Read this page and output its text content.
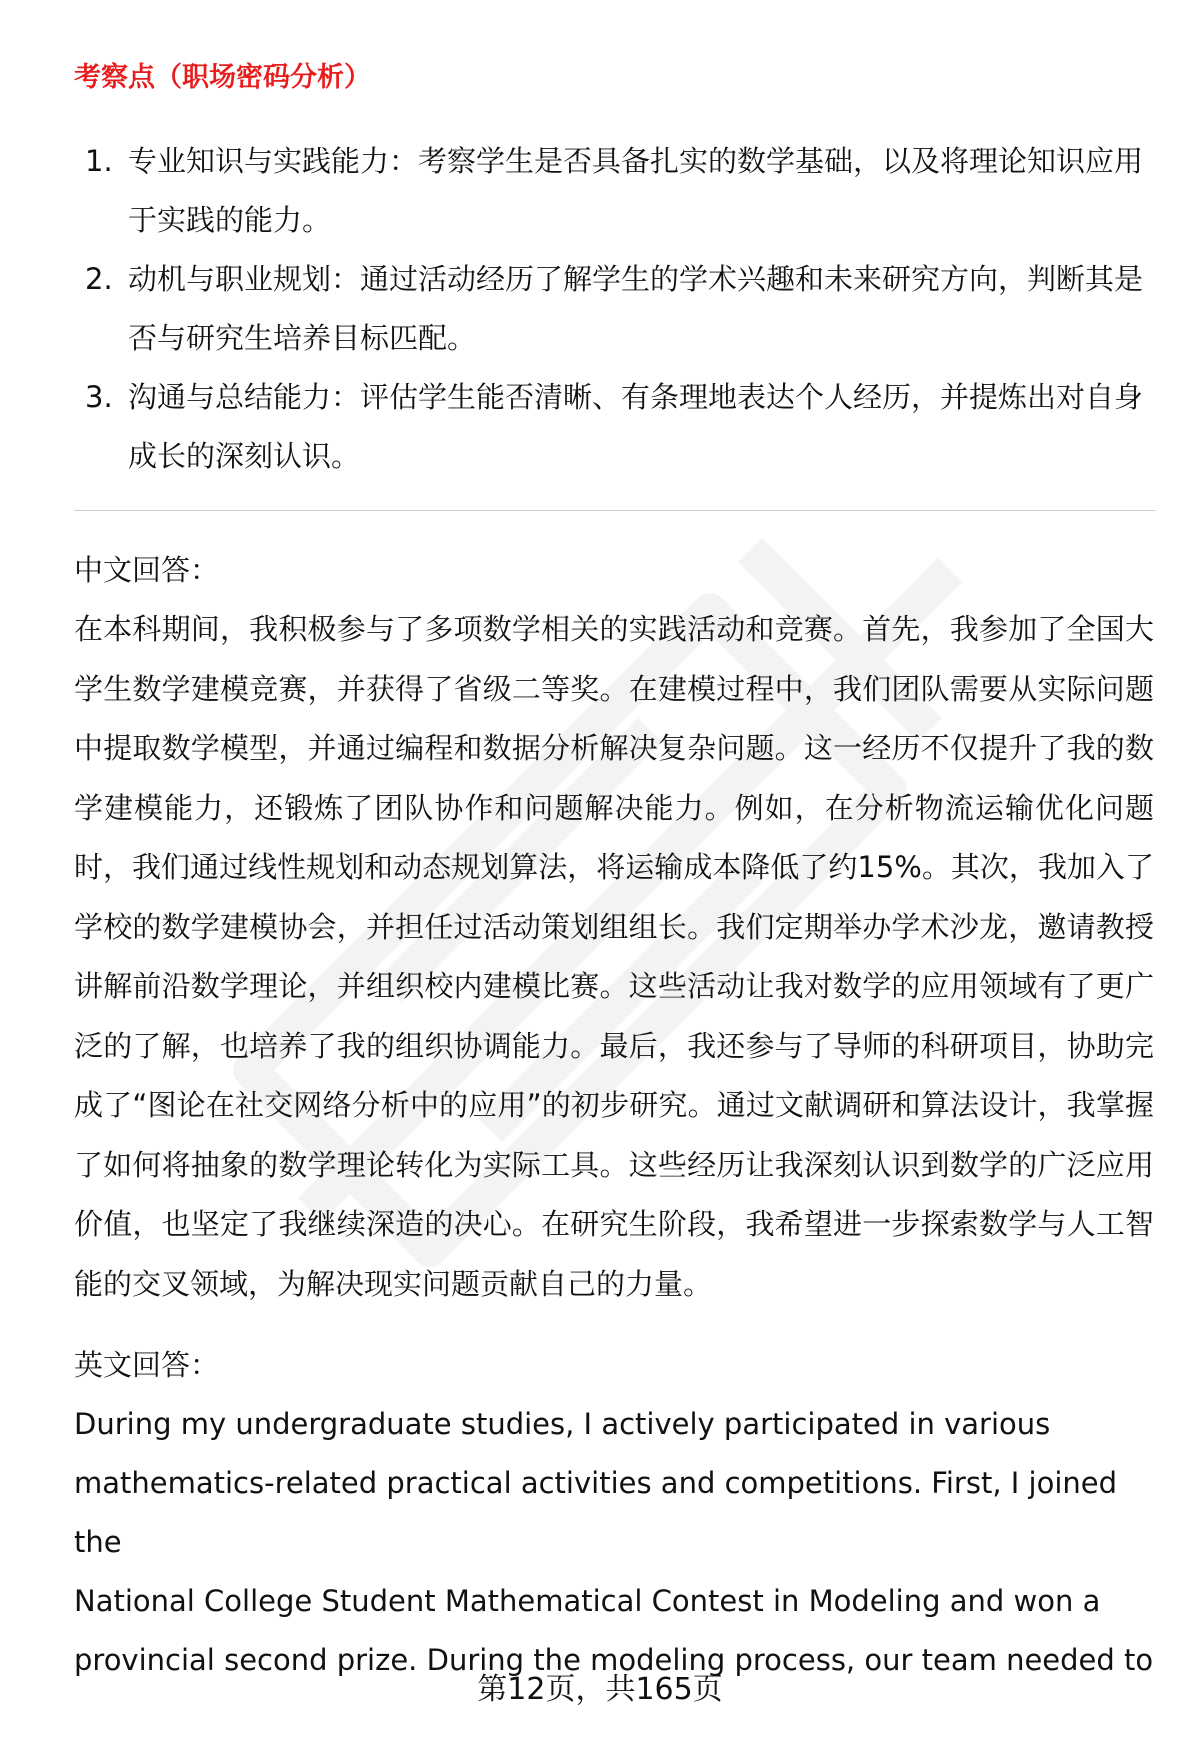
考察点（职场密码分析）
1. 专业知识与实践能力：考察学生是否具备扎实的数学基础，以及将理论知识应用于实践的能力。
2. 动机与职业规划：通过活动经历了解学生的学术兴趣和未来研究方向，判断其是否与研究生培养目标匹配。
3. 沟通与总结能力：评估学生能否清晰、有条理地表达个人经历，并提炼出对自身成长的深刻认识。

中文回答：

在本科期间，我积极参与了多项数学相关的实践活动和竞赛。首先，我参加了全国大学生数学建模竞赛，并获得了省级二等奖。在建模过程中，我们团队需要从实际问题中提取数学模型，并通过编程和数据分析解决复杂问题。这一经历不仅提升了我的数学建模能力，还锻炼了团队协作和问题解决能力。例如，在分析物流运输优化问题时，我们通过线性规划和动态规划算法，将运输成本降低了约15%。其次，我加入了学校的数学建模协会，并担任过活动策划组组长。我们定期举办学术沙龙，邀请教授讲解前沿数学理论，并组织校内建模比赛。这些活动让我对数学的应用领域有了更广泛的了解，也培养了我的组织协调能力。最后，我还参与了导师的科研项目，协助完成了“图论在社交网络分析中的应用”的初步研究。通过文献调研和算法设计，我掌握了如何将抽象的数学理论转化为实际工具。这些经历让我深刻认识到数学的广泛应用价值，也坚定了我继续深造的决心。在研究生阶段，我希望进一步探索数学与人工智能的交叉领域，为解决现实问题贡献自己的力量。

英文回答：

During my undergraduate studies, I actively participated in various

mathematics-related practical activities and competitions. First, I joined the

National College Student Mathematical Contest in Modeling and won a

provincial second prize. During the modeling process, our team needed to

第12页，共165页
